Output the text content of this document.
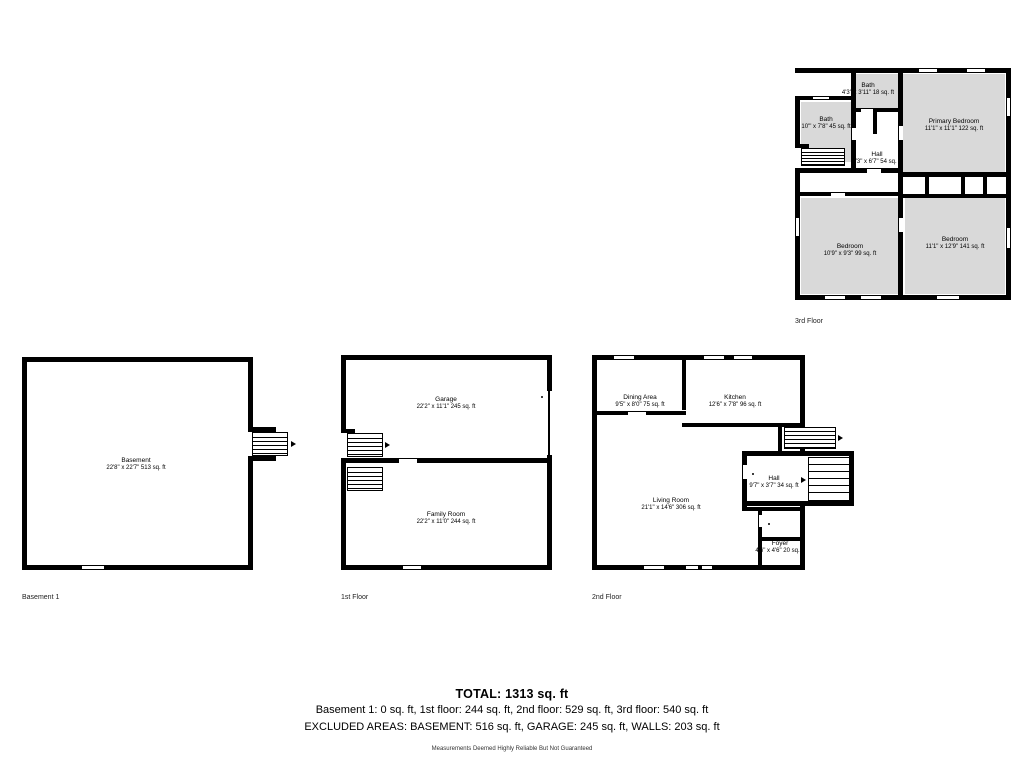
Bath
4'3" x 3'11" 18 sq. ft
Bath
10'" x 7'8" 45 sq. ft
Primary Bedroom
11'1" x 11'1" 122 sq. ft
Hall
8'3" x 6'7" 54 sq. ft
Bedroom
10'9" x 9'3" 99 sq. ft
Bedroom
11'1" x 12'9" 141 sq. ft
3rd Floor
Basement
22'8" x 22'7" 513 sq. ft
Basement 1
Garage
22'2" x 11'1" 245 sq. ft
Family Room
22'2" x 11'0" 244 sq. ft
1st Floor
Dining Area
9'5" x 8'0" 75 sq. ft
Kitchen
12'6" x 7'8" 96 sq. ft
Living Room
21'1" x 14'6" 306 sq. ft
Hall
9'7" x 3'7" 34 sq. ft
Foyer
4'6" x 4'6" 20 sq. ft
2nd Floor
TOTAL: 1313 sq. ft
Basement 1: 0 sq. ft, 1st floor: 244 sq. ft, 2nd floor: 529 sq. ft, 3rd floor: 540 sq. ft
EXCLUDED AREAS: BASEMENT: 516 sq. ft, GARAGE: 245 sq. ft, WALLS: 203 sq. ft
Measurements Deemed Highly Reliable But Not Guaranteed
